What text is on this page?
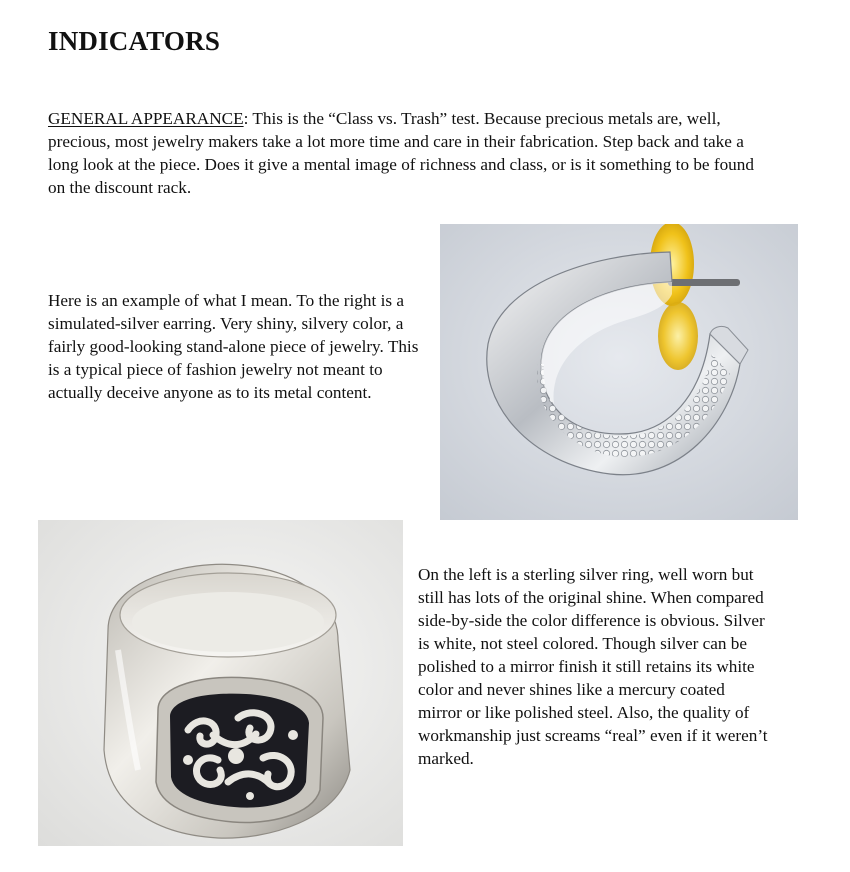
INDICATORS

GENERAL APPEARANCE: This is the “Class vs. Trash” test. Because precious metals are, well, precious, most jewelry makers take a lot more time and care in their fabrication. Step back and take a long look at the piece. Does it give a mental image of richness and class, or is it something to be found on the discount rack.

Here is an example of what I mean. To the right is a simulated-silver earring. Very shiny, silvery color, a fairly good-looking stand-alone piece of jewelry. This is a typical piece of fashion jewelry not meant to actually deceive anyone as to its metal content.

On the left is a sterling silver ring, well worn but still has lots of the original shine. When compared side-by-side the color difference is obvious. Silver is white, not steel colored. Though silver can be polished to a mirror finish it still retains its white color and never shines like a mercury coated mirror or like polished steel. Also, the quality of workmanship just screams “real” even if it weren’t marked.
